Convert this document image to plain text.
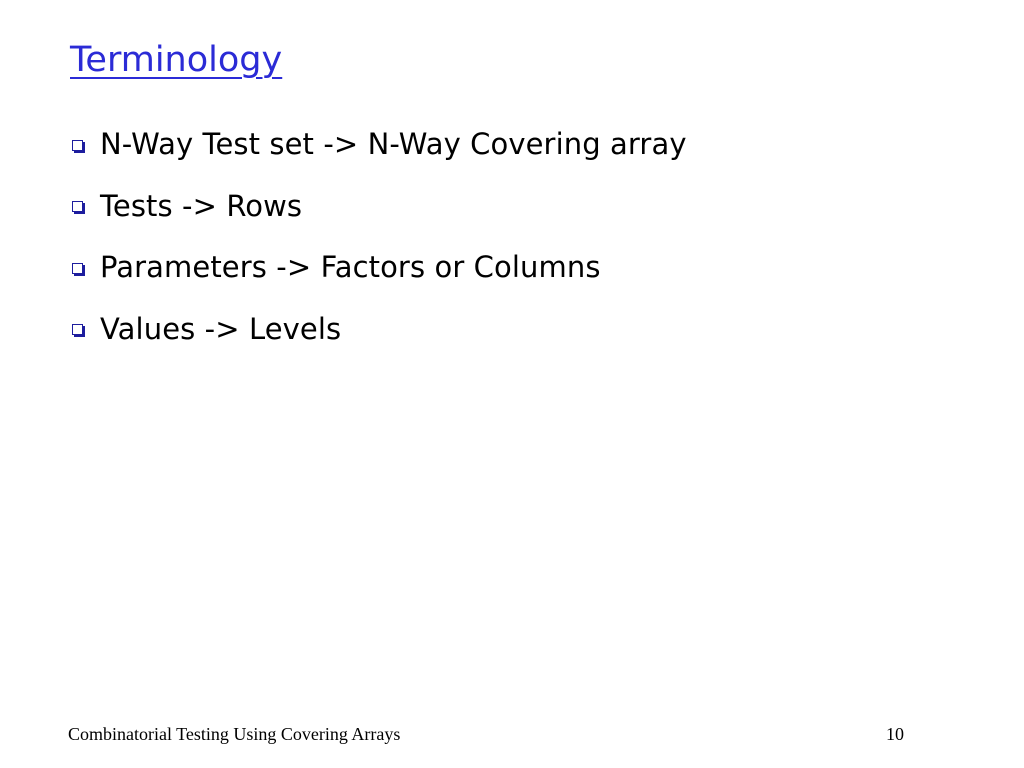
Terminology
N-Way Test set -> N-Way Covering array
Tests -> Rows
Parameters -> Factors or Columns
Values -> Levels
Combinatorial Testing Using Covering Arrays	10
